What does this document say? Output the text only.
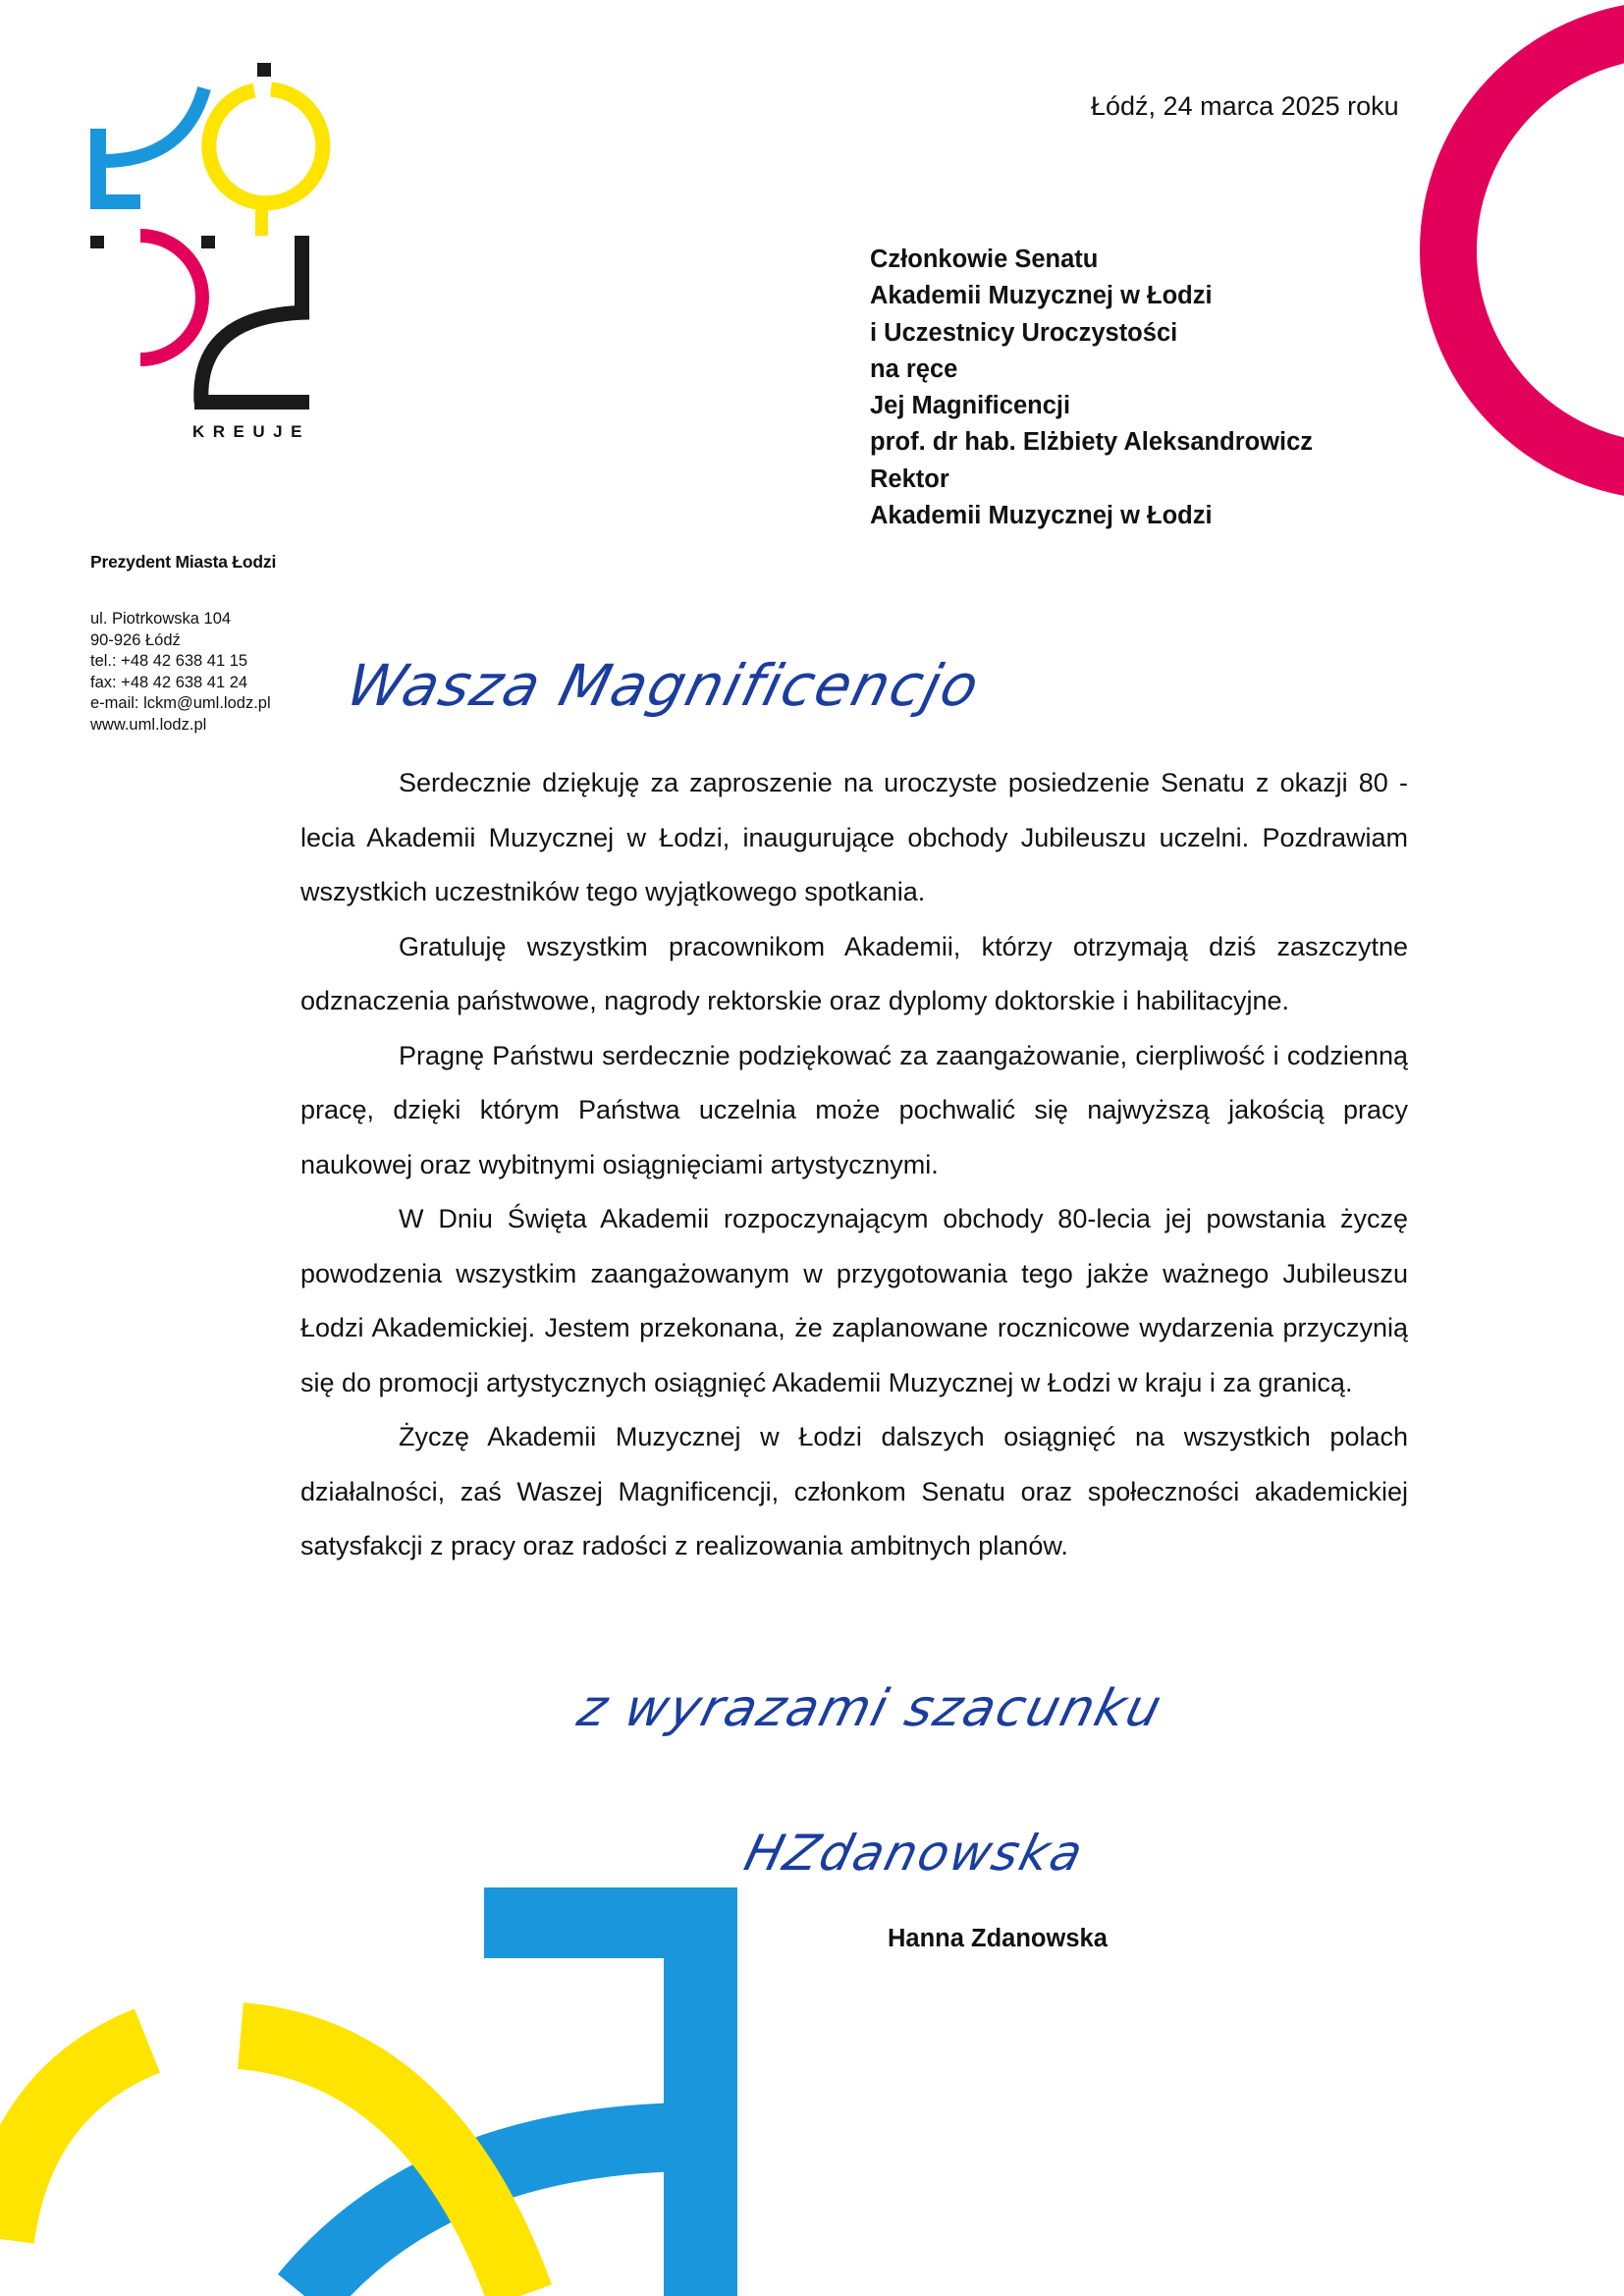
KREUJE
Prezydent Miasta Łodzi
ul. Piotrkowska 104
90-926 Łódź
tel.: +48 42 638 41 15
fax: +48 42 638 41 24
e-mail: lckm@uml.lodz.pl
www.uml.lodz.pl
Łódź, 24 marca 2025 roku
Członkowie Senatu
Akademii Muzycznej w Łodzi
i Uczestnicy Uroczystości
na ręce
Jej Magnificencji
prof. dr hab. Elżbiety Aleksandrowicz
Rektor
Akademii Muzycznej w Łodzi
Wasza Magnificencjo

Serdecznie dziękuję za zaproszenie na uroczyste posiedzenie Senatu z okazji 80 - lecia Akademii Muzycznej w Łodzi, inaugurujące obchody Jubileuszu uczelni. Pozdrawiam wszystkich uczestników tego wyjątkowego spotkania.

Gratuluję wszystkim pracownikom Akademii, którzy otrzymają dziś zaszczytne odznaczenia państwowe, nagrody rektorskie oraz dyplomy doktorskie i habilitacyjne.

Pragnę Państwu serdecznie podziękować za zaangażowanie, cierpliwość i codzienną pracę, dzięki którym Państwa uczelnia może pochwalić się najwyższą jakością pracy naukowej oraz wybitnymi osiągnięciami artystycznymi.

W Dniu Święta Akademii rozpoczynającym obchody 80-lecia jej powstania życzę powodzenia wszystkim zaangażowanym w przygotowania tego jakże ważnego Jubileuszu Łodzi Akademickiej. Jestem przekonana, że zaplanowane rocznicowe wydarzenia przyczynią się do promocji artystycznych osiągnięć Akademii Muzycznej w Łodzi w kraju i za granicą.

Życzę Akademii Muzycznej w Łodzi dalszych osiągnięć na wszystkich polach działalności, zaś Waszej Magnificencji, członkom Senatu oraz społeczności akademickiej satysfakcji z pracy oraz radości z realizowania ambitnych planów.

z wyrazami szacunku
HZdanowska
Hanna Zdanowska
